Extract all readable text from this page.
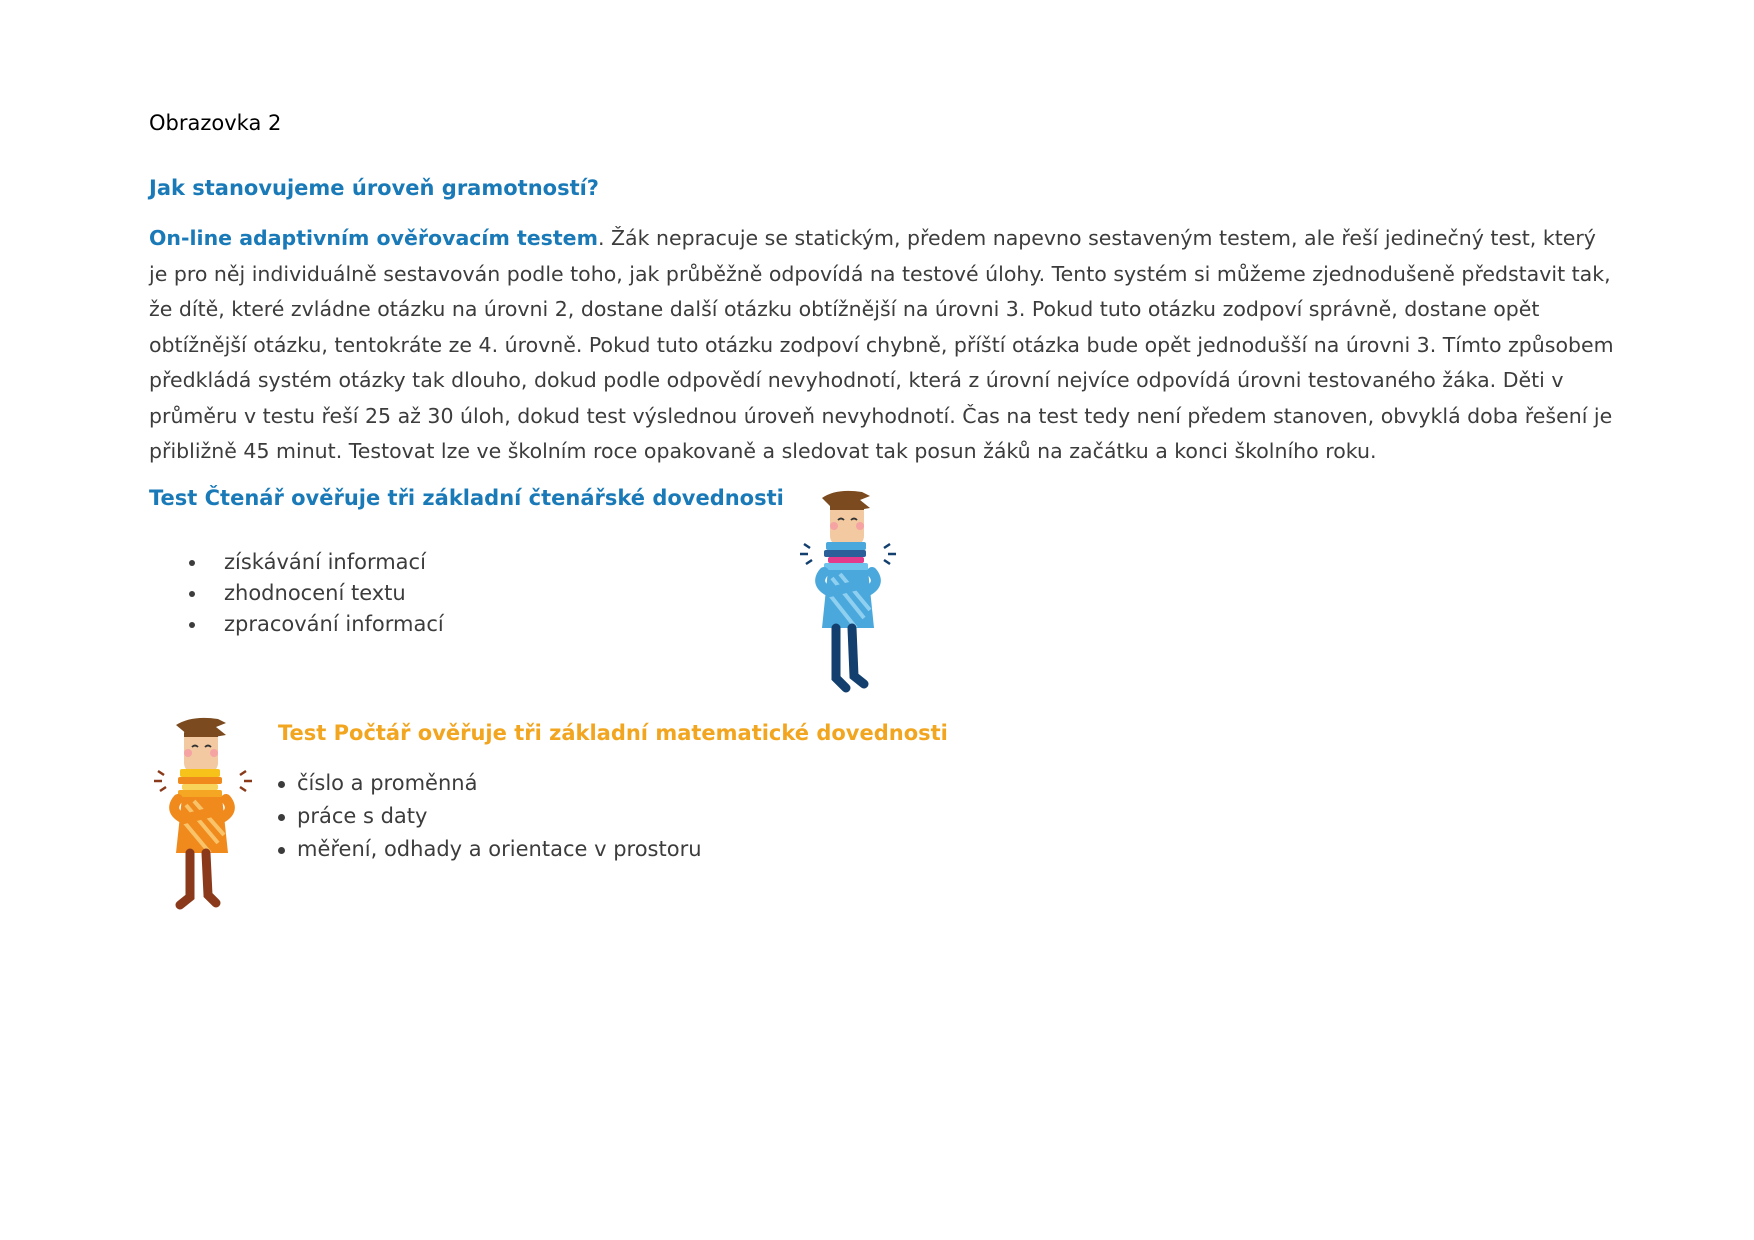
Obrazovka 2
Jak stanovujeme úroveň gramotností?

On-line adaptivním ověřovacím testem. Žák nepracuje se statickým, předem napevno sestaveným testem, ale řeší jedinečný test, který je pro něj individuálně sestavován podle toho, jak průběžně odpovídá na testové úlohy. Tento systém si můžeme zjednodušeně představit tak, že dítě, které zvládne otázku na úrovni 2, dostane další otázku obtížnější na úrovni 3. Pokud tuto otázku zodpoví správně, dostane opět obtížnější otázku, tentokráte ze 4. úrovně. Pokud tuto otázku zodpoví chybně, příští otázka bude opět jednodušší na úrovni 3. Tímto způsobem předkládá systém otázky tak dlouho, dokud podle odpovědí nevyhodnotí, která z úrovní nejvíce odpovídá úrovni testovaného žáka. Děti v průměru v testu řeší 25 až 30 úloh, dokud test výslednou úroveň nevyhodnotí. Čas na test tedy není předem stanoven, obvyklá doba řešení je přibližně 45 minut. Testovat lze ve školním roce opakovaně a sledovat tak posun žáků na začátku a konci školního roku.

Test Čtenář ověřuje tři základní čtenářské dovednosti
získávání informací
zhodnocení textu
zpracování informací
Test Počtář ověřuje tři základní matematické dovednosti
číslo a proměnná
práce s daty
měření, odhady a orientace v prostoru
